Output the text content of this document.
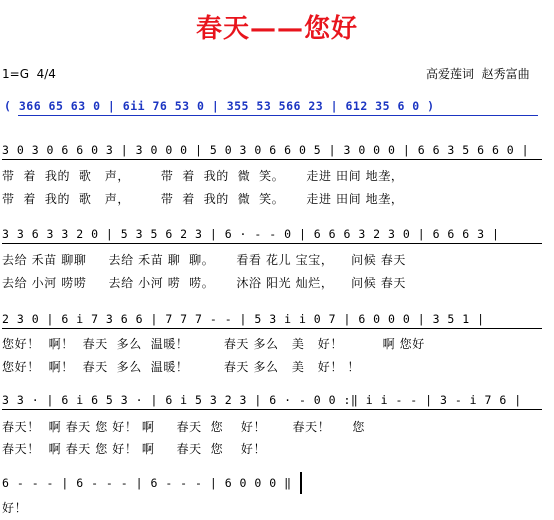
春天——您好
1=G  4/4	高爱莲词  赵秀富曲
( 366 65 63 0 | 6ii 76 53 0 | 355 53 566 23 | 612 35 6 0 )
3 0 3 0 6 6 0 3 | 3 0 0 0 | 5 0 3 0 6 6 0 5 | 3 0 0 0 | 6 6 3 5 6 6 0 |
带  着  我的  歌   声，       带  着  我的  微  笑。     走进 田间 地垄，
带  着  我的  歌   声，       带  着  我的  微  笑。     走进 田间 地垄，
3 3 6 3 3 2 0 | 5 3 5 6 2 3 | 6 · - - 0 | 6 6 6 3 2 3 0 | 6 6 6 3 |
去给 禾苗 聊聊     去给 禾苗 聊  聊。     看看 花儿 宝宝，    问候 春天
去给 小河 唠唠     去给 小河 唠  唠。     沐浴 阳光 灿烂，    问候 春天
2 3 0 | 6 i 7 3 6 6 | 7 7 7 - - | 5 3 i i 0 7 | 6 0 0 0 | 3 5 1 |
您好！  啊！  春天  多么  温暖！        春天 多么   美   好！         啊 您好
您好！  啊！  春天  多么  温暖！        春天 多么   美   好！ ！
3 3 · | 6 i 6 5 3 · | 6 i 5 3 2 3 | 6 · - 0 0 :‖ i i - - | 3 - i 7 6 |
春天！  啊 春天 您 好！ 啊     春天  您    好！      春天！     您
春天！  啊 春天 您 好！ 啊     春天  您    好！
6 - - - | 6 - - - | 6 - - - | 6 0 0 0 ‖
好！
